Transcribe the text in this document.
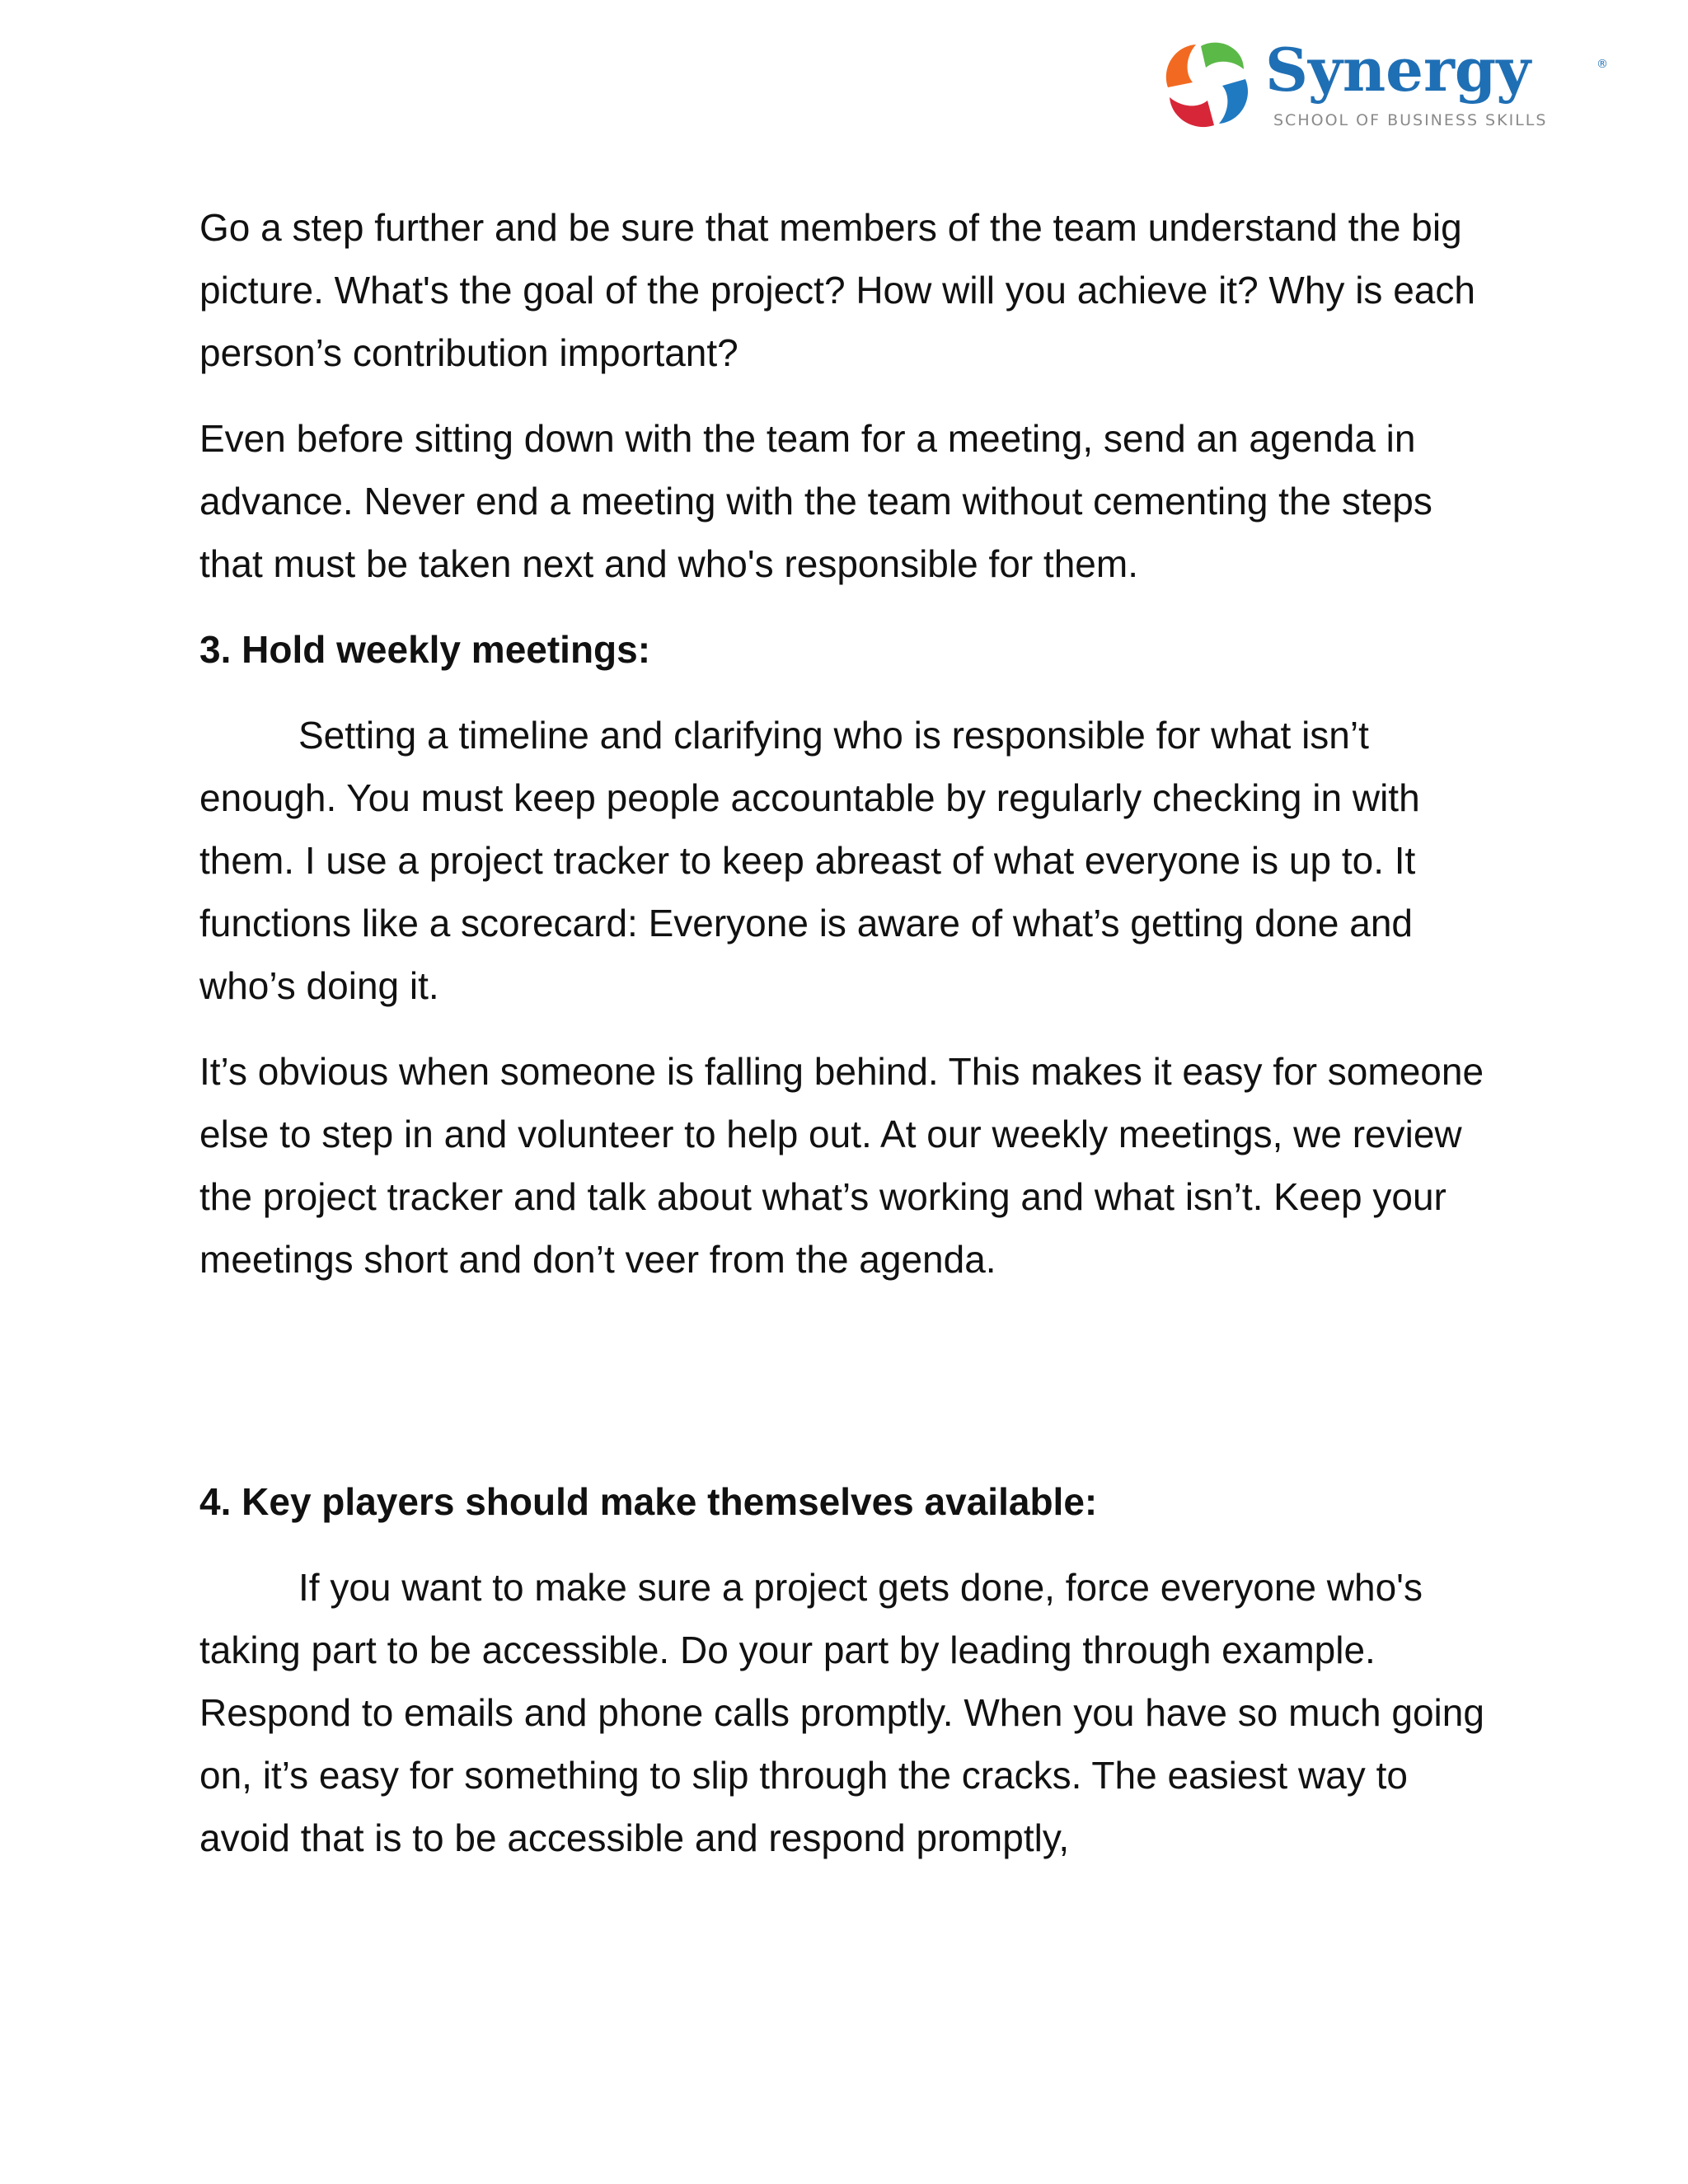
Synergy	®
SCHOOL OF BUSINESS SKILLS

Go a step further and be sure that members of the team understand the big picture. What's the goal of the project? How will you achieve it? Why is each person’s contribution important?

Even before sitting down with the team for a meeting, send an agenda in advance. Never end a meeting with the team without cementing the steps that must be taken next and who's responsible for them.

3. Hold weekly meetings:

Setting a timeline and clarifying who is responsible for what isn’t enough. You must keep people accountable by regularly checking in with them. I use a project tracker to keep abreast of what everyone is up to. It functions like a scorecard: Everyone is aware of what’s getting done and who’s doing it.

It’s obvious when someone is falling behind. This makes it easy for someone else to step in and volunteer to help out. At our weekly meetings, we review the project tracker and talk about what’s working and what isn’t. Keep your meetings short and don’t veer from the agenda.

4. Key players should make themselves available:

If you want to make sure a project gets done, force everyone who's taking part to be accessible. Do your part by leading through example. Respond to emails and phone calls promptly. When you have so much going on, it’s easy for something to slip through the cracks. The easiest way to avoid that is to be accessible and respond promptly,
